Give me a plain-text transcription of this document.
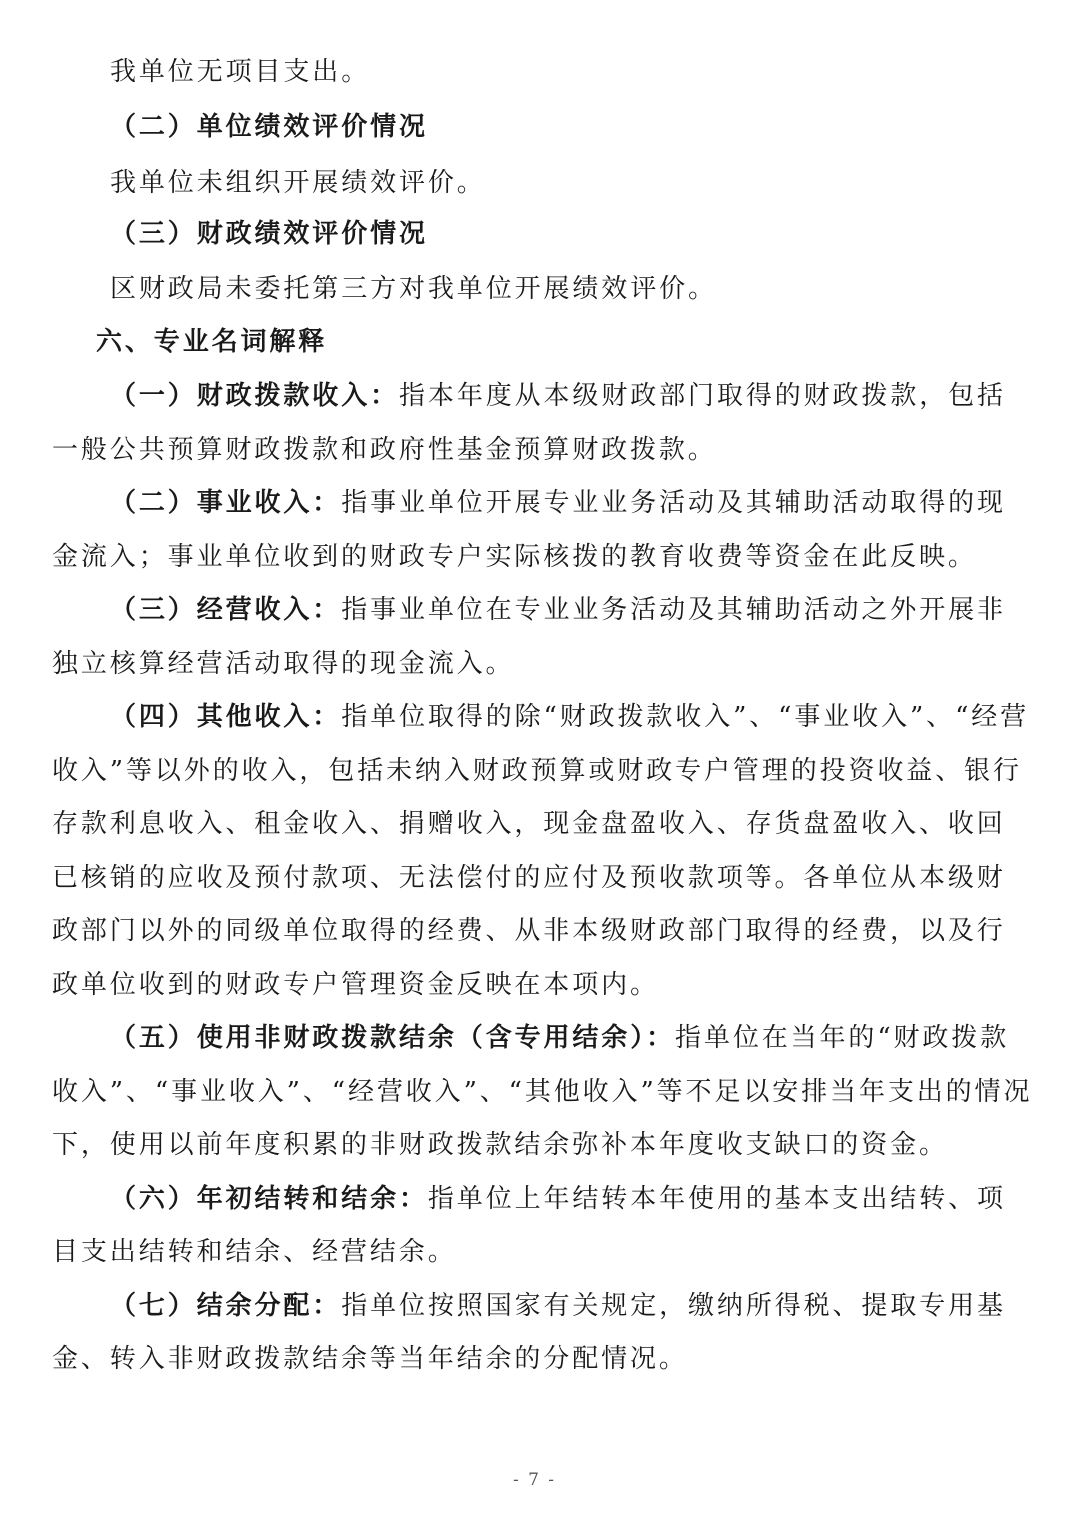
我单位无项目支出。
（二）单位绩效评价情况
我单位未组织开展绩效评价。
（三）财政绩效评价情况
区财政局未委托第三方对我单位开展绩效评价。
六、专业名词解释
（一）财政拨款收入：指本年度从本级财政部门取得的财政拨款，包括
一般公共预算财政拨款和政府性基金预算财政拨款。
（二）事业收入：指事业单位开展专业业务活动及其辅助活动取得的现
金流入；事业单位收到的财政专户实际核拨的教育收费等资金在此反映。
（三）经营收入：指事业单位在专业业务活动及其辅助活动之外开展非
独立核算经营活动取得的现金流入。
（四）其他收入：指单位取得的除“财政拨款收入”、“事业收入”、“经营
收入”等以外的收入，包括未纳入财政预算或财政专户管理的投资收益、银行
存款利息收入、租金收入、捐赠收入，现金盘盈收入、存货盘盈收入、收回
已核销的应收及预付款项、无法偿付的应付及预收款项等。各单位从本级财
政部门以外的同级单位取得的经费、从非本级财政部门取得的经费，以及行
政单位收到的财政专户管理资金反映在本项内。
（五）使用非财政拨款结余（含专用结余）：指单位在当年的“财政拨款
收入”、“事业收入”、“经营收入”、“其他收入”等不足以安排当年支出的情况
下，使用以前年度积累的非财政拨款结余弥补本年度收支缺口的资金。
（六）年初结转和结余：指单位上年结转本年使用的基本支出结转、项
目支出结转和结余、经营结余。
（七）结余分配：指单位按照国家有关规定，缴纳所得税、提取专用基
金、转入非财政拨款结余等当年结余的分配情况。
- 7 -
